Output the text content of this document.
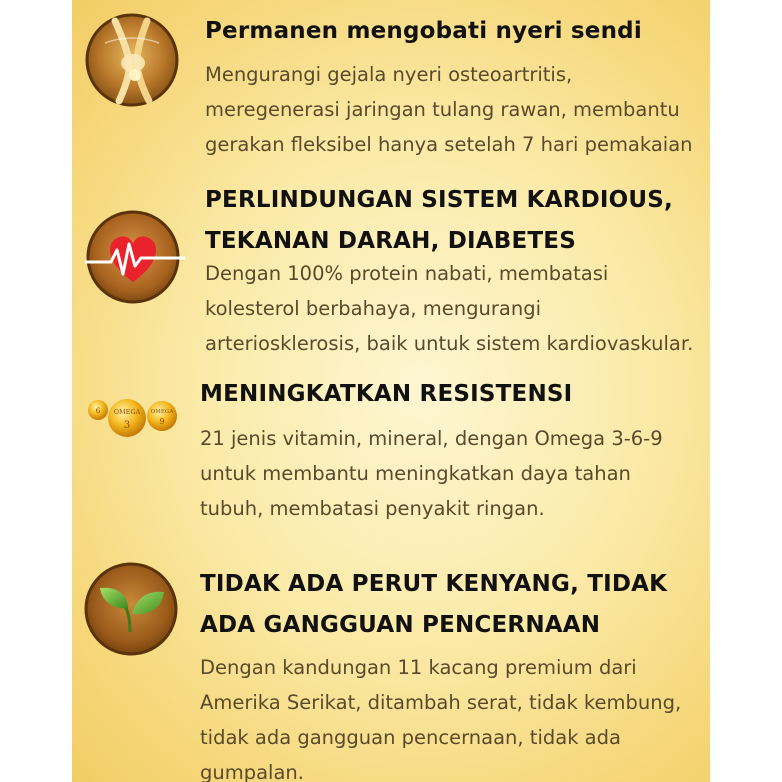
Permanen mengobati nyeri sendi
Mengurangi gejala nyeri osteoartritis,
meregenerasi jaringan tulang rawan, membantu
gerakan fleksibel hanya setelah 7 hari pemakaian
PERLINDUNGAN SISTEM KARDIOUS,
TEKANAN DARAH, DIABETES
Dengan 100% protein nabati, membatasi
kolesterol berbahaya, mengurangi
arteriosklerosis, baik untuk sistem kardiovaskular.
6 OMEGA
3
OMEGA
9
MENINGKATKAN RESISTENSI
21 jenis vitamin, mineral, dengan Omega 3-6-9
untuk membantu meningkatkan daya tahan
tubuh, membatasi penyakit ringan.
TIDAK ADA PERUT KENYANG, TIDAK
ADA GANGGUAN PENCERNAAN
Dengan kandungan 11 kacang premium dari
Amerika Serikat, ditambah serat, tidak kembung,
tidak ada gangguan pencernaan, tidak ada
gumpalan.
